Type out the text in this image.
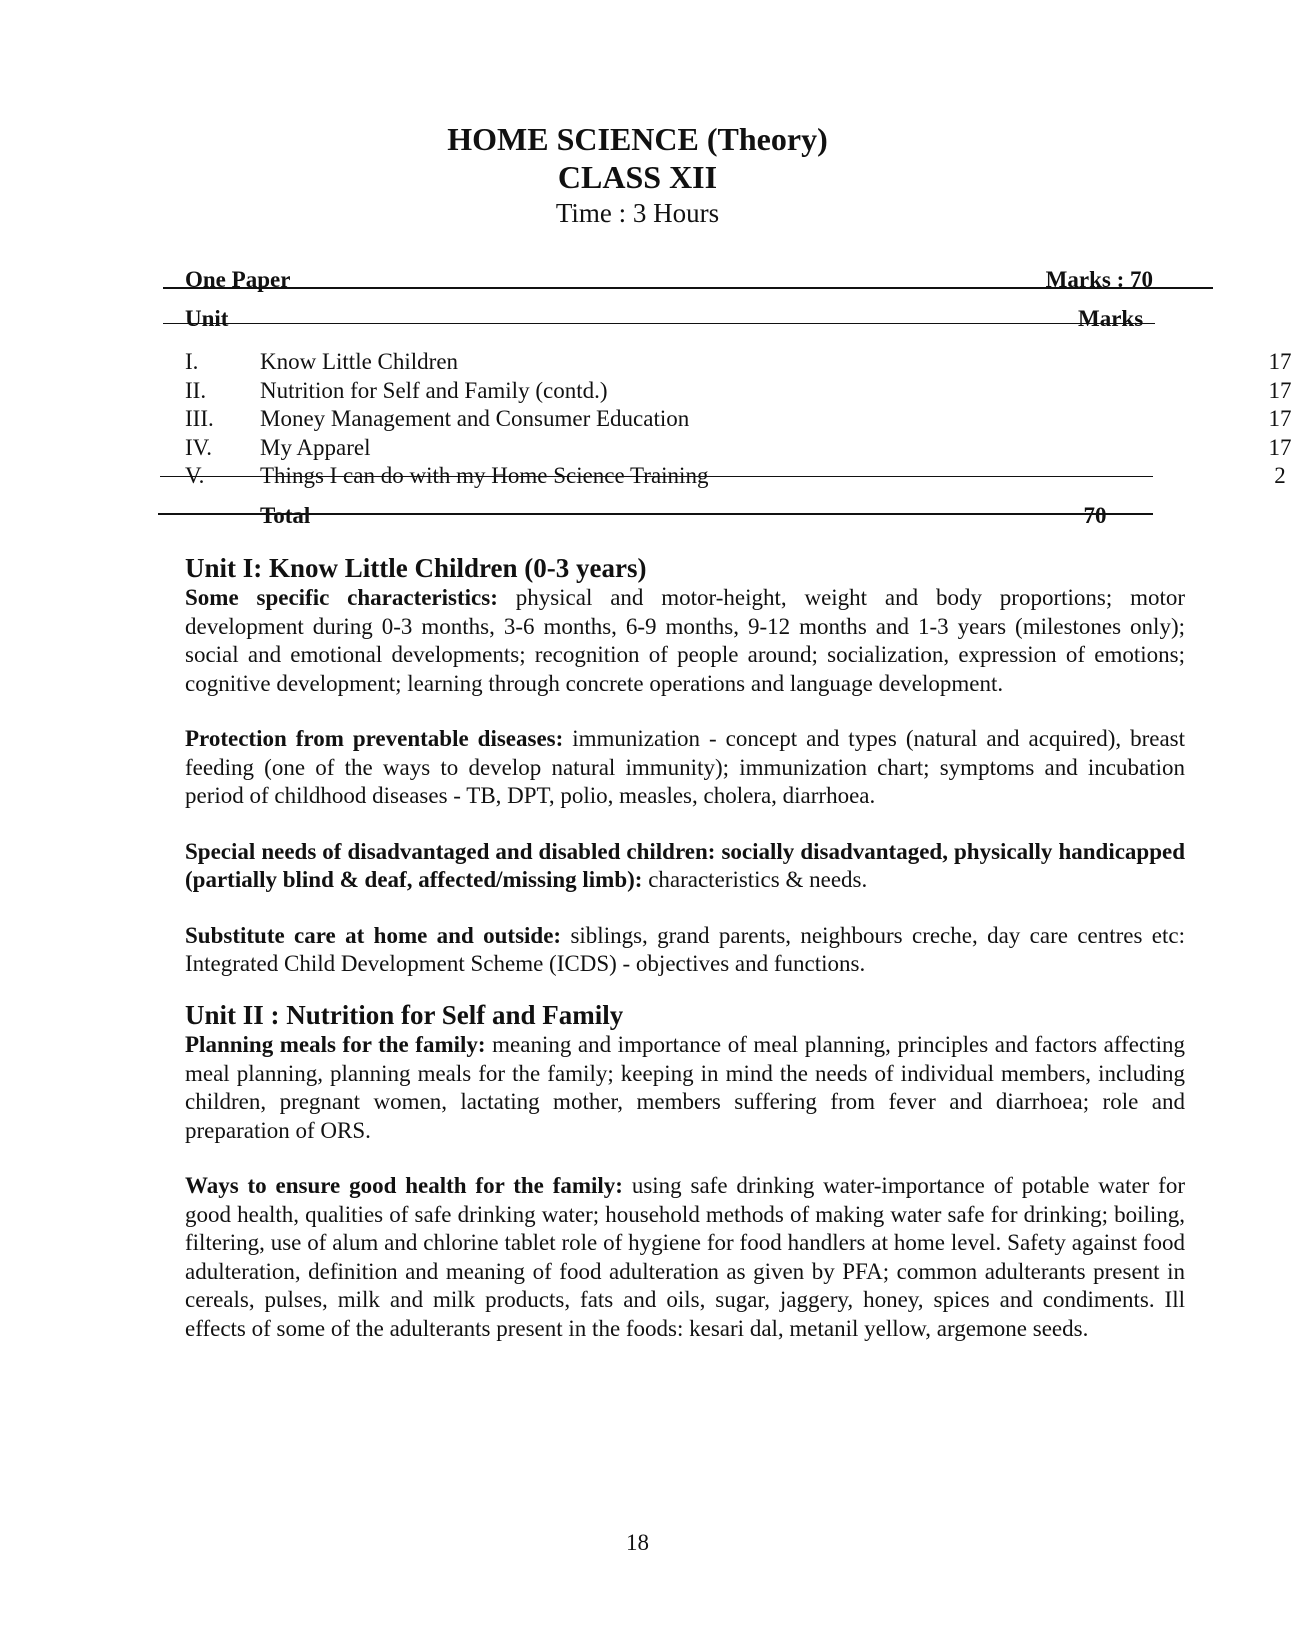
HOME SCIENCE (Theory)
CLASS XII
Time : 3 Hours
One Paper	Marks : 70
Unit	Marks
I.	Know Little Children	17
II. Nutrition for Self and Family (contd.)	17
III. Money Management and Consumer Education	17
IV. My Apparel	17
V. Things I can do with my Home Science Training	2
Total	70
Unit I: Know Little Children (0-3 years)

Some specific characteristics: physical and motor-height, weight and body proportions; motor development during 0-3 months, 3-6 months, 6-9 months, 9-12 months and 1-3 years (milestones only); social and emotional developments; recognition of people around; socialization, expression of emotions; cognitive development; learning through concrete operations and language development.

Protection from preventable diseases: immunization - concept and types (natural and acquired), breast feeding (one of the ways to develop natural immunity); immunization chart; symptoms and incubation period of childhood diseases - TB, DPT, polio, measles, cholera, diarrhoea.

Special needs of disadvantaged and disabled children: socially disadvantaged, physically handicapped (partially blind & deaf, affected/missing limb): characteristics & needs.

Substitute care at home and outside: siblings, grand parents, neighbours creche, day care centres etc: Integrated Child Development Scheme (ICDS) - objectives and functions.

Unit II : Nutrition for Self and Family

Planning meals for the family: meaning and importance of meal planning, principles and factors affecting meal planning, planning meals for the family; keeping in mind the needs of individual members, including children, pregnant women, lactating mother, members suffering from fever and diarrhoea; role and preparation of ORS.

Ways to ensure good health for the family: using safe drinking water-importance of potable water for good health, qualities of safe drinking water; household methods of making water safe for drinking; boiling, filtering, use of alum and chlorine tablet role of hygiene for food handlers at home level. Safety against food adulteration, definition and meaning of food adulteration as given by PFA; common adulterants present in cereals, pulses, milk and milk products, fats and oils, sugar, jaggery, honey, spices and condiments. Ill effects of some of the adulterants present in the foods: kesari dal, metanil yellow, argemone seeds.

18
